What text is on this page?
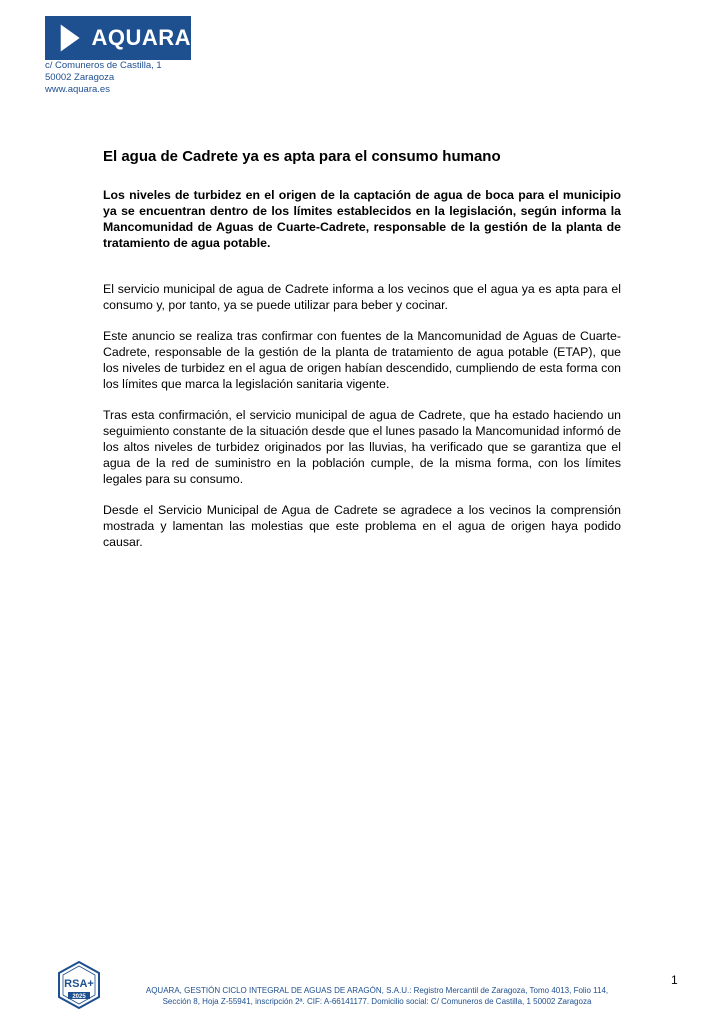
AQUARA
c/ Comuneros de Castilla, 1
50002 Zaragoza
www.aquara.es
El agua de Cadrete ya es apta para el consumo humano

Los niveles de turbidez en el origen de la captación de agua de boca para el municipio ya se encuentran dentro de los límites establecidos en la legislación, según informa la Mancomunidad de Aguas de Cuarte-Cadrete, responsable de la gestión de la planta de tratamiento de agua potable.

El servicio municipal de agua de Cadrete informa a los vecinos que el agua ya es apta para el consumo y, por tanto, ya se puede utilizar para beber y cocinar.

Este anuncio se realiza tras confirmar con fuentes de la Mancomunidad de Aguas de Cuarte-Cadrete, responsable de la gestión de la planta de tratamiento de agua potable (ETAP), que los niveles de turbidez en el agua de origen habían descendido, cumpliendo de esta forma con los límites que marca la legislación sanitaria vigente.

Tras esta confirmación, el servicio municipal de agua de Cadrete, que ha estado haciendo un seguimiento constante de la situación desde que el lunes pasado la Mancomunidad informó de los altos niveles de turbidez originados por las lluvias, ha verificado que se garantiza que el agua de la red de suministro en la población cumple, de la misma forma, con los límites legales para su consumo.

Desde el Servicio Municipal de Agua de Cadrete se agradece a los vecinos la comprensión mostrada y lamentan las molestias que este problema en el agua de origen haya podido causar.

1
RSA+
2025
AQUARA, GESTIÓN CICLO INTEGRAL DE AGUAS DE ARAGÓN, S.A.U.: Registro Mercantil de Zaragoza, Tomo 4013, Folio 114,
Sección 8, Hoja Z-55941, inscripción 2ª. CIF: A-66141177. Domicilio social: C/ Comuneros de Castilla, 1 50002 Zaragoza
